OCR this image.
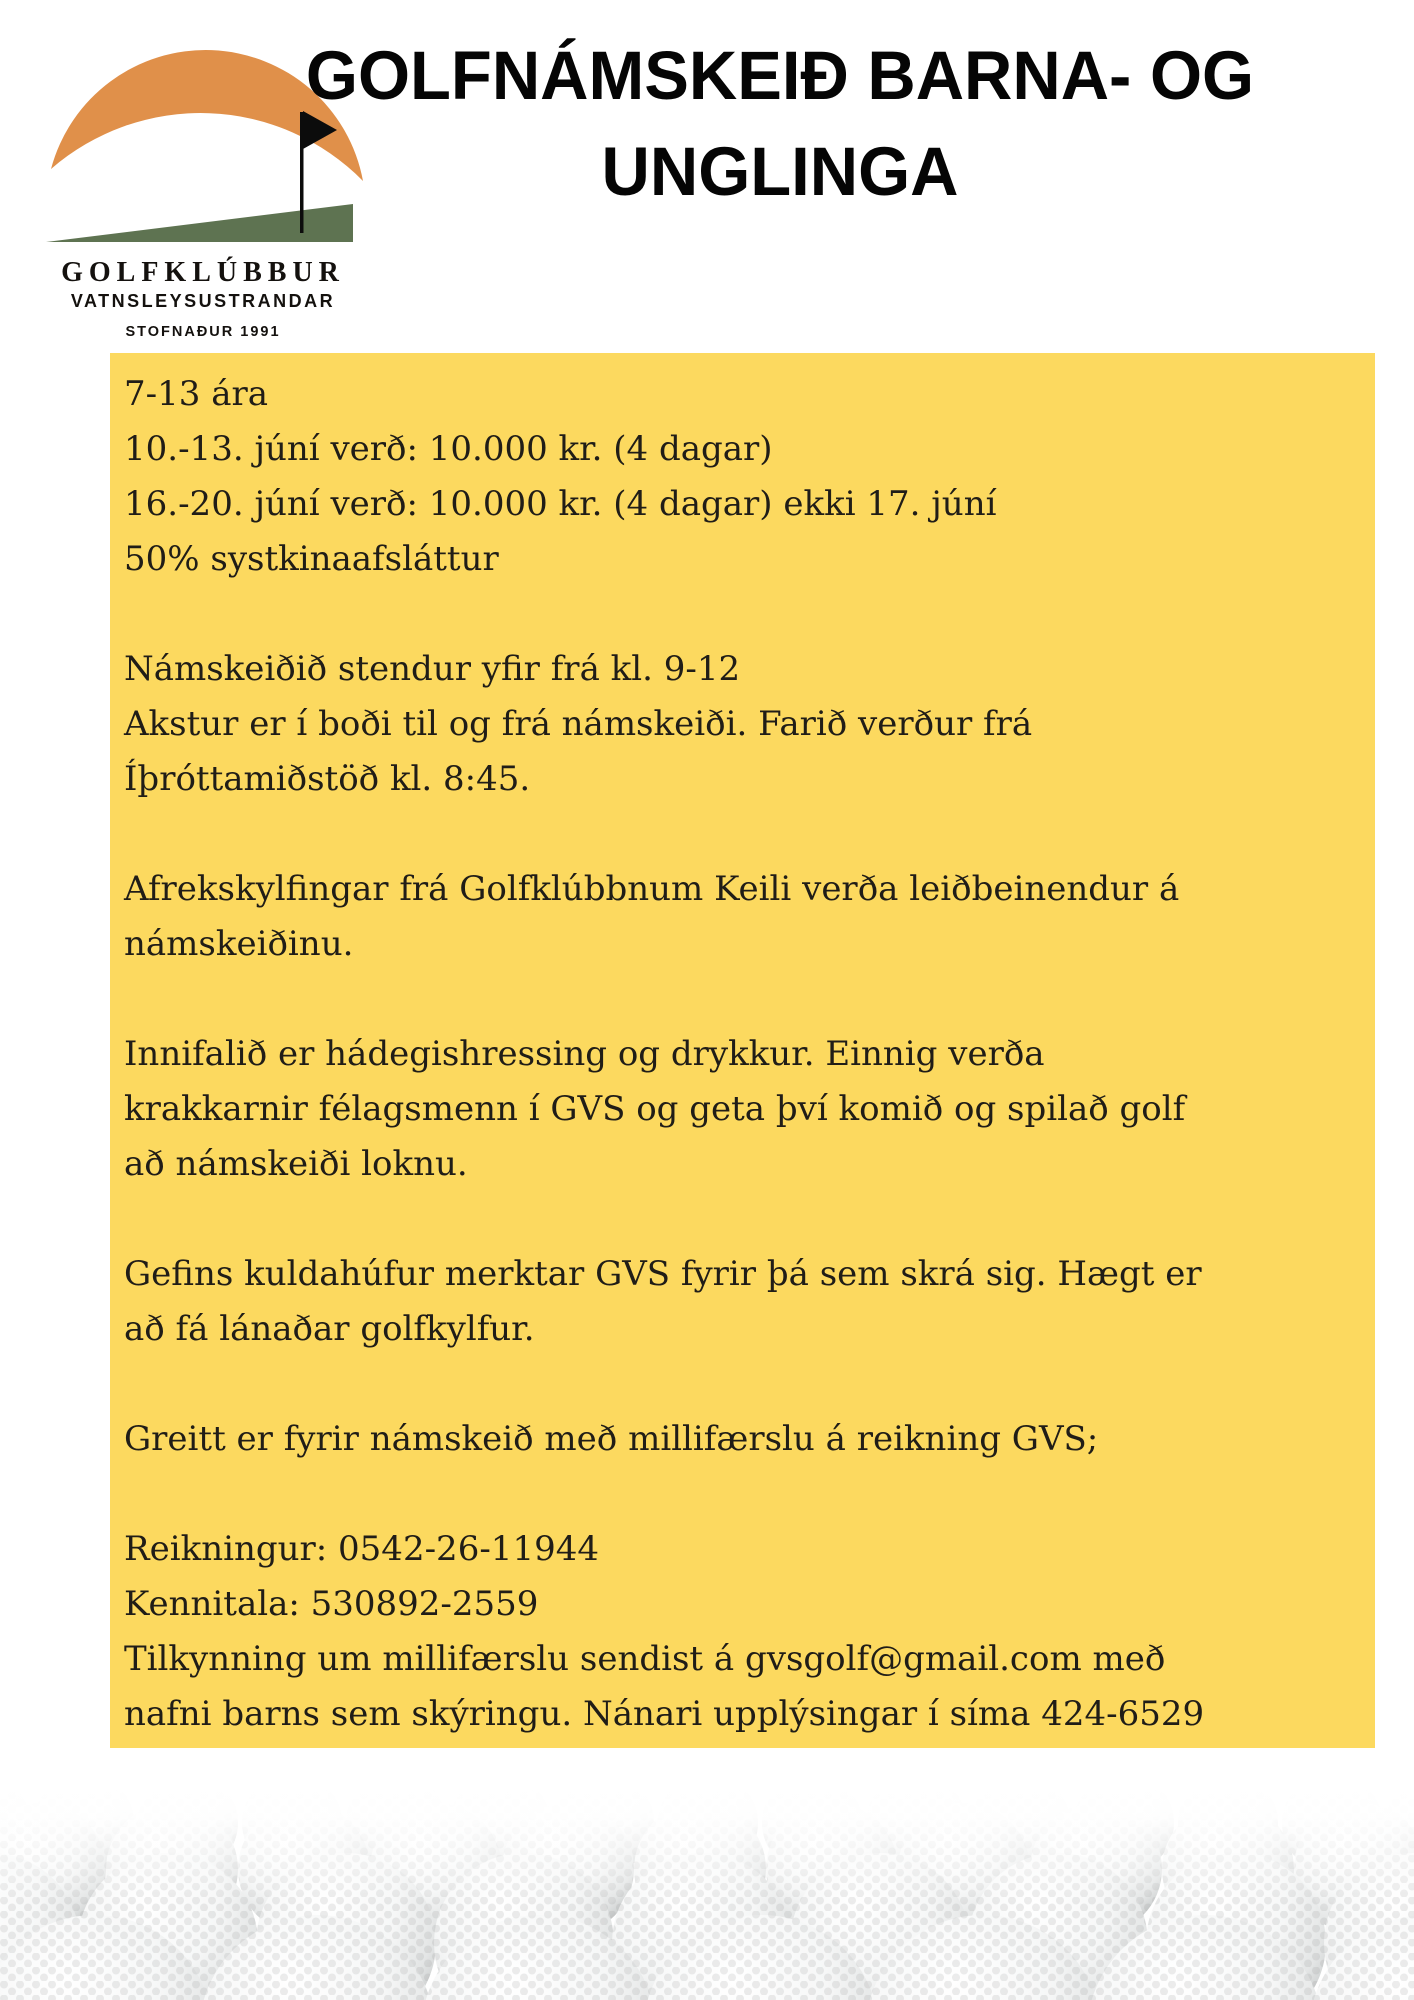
GOLFKLÚBBUR
VATNSLEYSUSTRANDAR
STOFNAÐUR 1991
GOLFNÁMSKEIÐ BARNA- OG
UNGLINGA
7-13 ára
10.-13. júní verð: 10.000 kr. (4 dagar)
16.-20. júní verð: 10.000 kr. (4 dagar) ekki 17. júní
50% systkinaafsláttur

Námskeiðið stendur yfir frá kl. 9-12
Akstur er í boði til og frá námskeiði. Farið verður frá
Íþróttamiðstöð kl. 8:45.

Afrekskylfingar frá Golfklúbbnum Keili verða leiðbeinendur á
námskeiðinu.

Innifalið er hádegishressing og drykkur. Einnig verða
krakkarnir félagsmenn í GVS og geta því komið og spilað golf
að námskeiði loknu.

Gefins kuldahúfur merktar GVS fyrir þá sem skrá sig. Hægt er
að fá lánaðar golfkylfur.

Greitt er fyrir námskeið með millifærslu á reikning GVS;

Reikningur: 0542-26-11944
Kennitala: 530892-2559
Tilkynning um millifærslu sendist á gvsgolf@gmail.com með
nafni barns sem skýringu. Nánari upplýsingar í síma 424-6529
